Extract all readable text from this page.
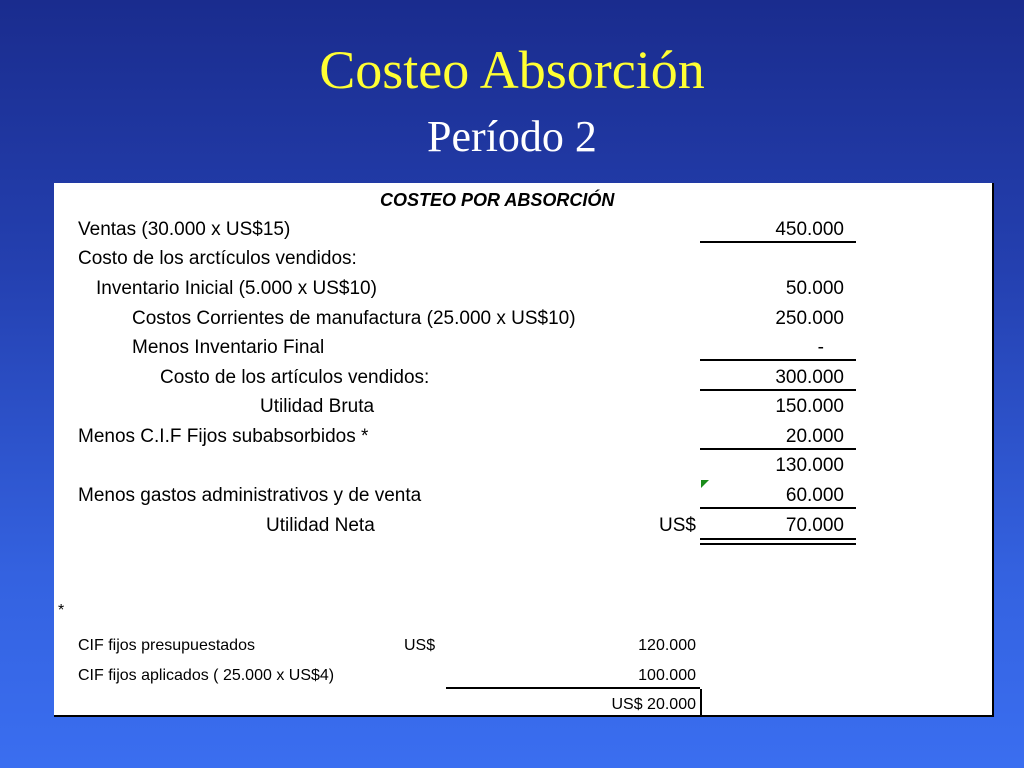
Costeo Absorción
Período 2
COSTEO POR ABSORCIÓN
Ventas (30.000 x US$15)	450.000
Costo de los arctículos vendidos:
Inventario Inicial (5.000 x US$10)	50.000
Costos Corrientes de manufactura (25.000 x US$10)	250.000
Menos Inventario Final	-
Costo de los artículos vendidos:	300.000
Utilidad Bruta	150.000
Menos C.I.F Fijos subabsorbidos *	20.000
130.000
Menos gastos administrativos y de venta	60.000
Utilidad Neta	US$	70.000
*
CIF fijos presupuestados	US$	120.000
CIF fijos aplicados ( 25.000 x US$4)	100.000
US$ 20.000
